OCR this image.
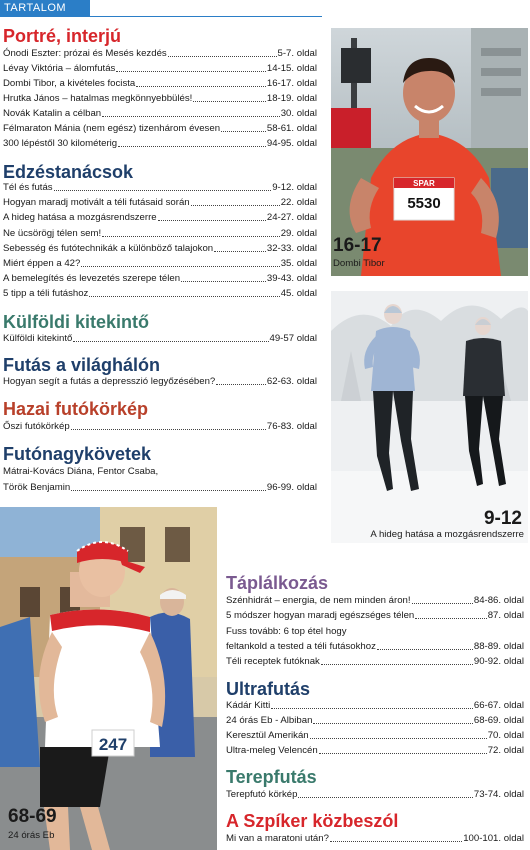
TARTALOM
Portré, interjú
Edzéstanácsok
Külföldi kitekintő
Futás a világhálón
Hazai futókörkép
Futónagykövetek
Mátrai-Kovács Diána, Fentor Csaba,
SPAR
5530
16-17
Dombi Tibor
9-12
A hideg hatása a mozgásrendszerre
247
68-69
24 órás Eb
Táplálkozás
Fuss tovább: 6 top étel hogy
Ultrafutás
Terepfutás
A Szpíker közbeszól
Ónodi Eszter: prózai és Mesés kezdés	5-7. oldal
Lévay Viktória – álomfutás	14-15. oldal
Dombi Tibor, a kivételes focista	16-17. oldal
Hrutka János – hatalmas megkönnyebbülés!	18-19. oldal
Novák Katalin a célban	30. oldal
Félmaraton Mánia (nem egész) tizenhárom évesen	58-61. oldal
300 lépéstől 30 kilométerig	94-95. oldal
Tél és futás	9-12. oldal
Hogyan maradj motivált a téli futásaid során	22. oldal
A hideg hatása a mozgásrendszerre	24-27. oldal
Ne ücsörögj télen sem!	29. oldal
Sebesség és futótechnikák a különböző talajokon	32-33. oldal
Miért éppen a 42?	35. oldal
A bemelegítés és levezetés szerepe télen	39-43. oldal
5 tipp a téli futáshoz	45. oldal
Külföldi kitekintő	49-57 oldal
Hogyan segít a futás a depresszió legyőzésében?	62-63. oldal
Őszi futókörkép	76-83. oldal
Török Benjamin	96-99. oldal
Szénhidrát – energia, de nem minden áron!	84-86. oldal
5 módszer hogyan maradj egészséges télen	87. oldal
feltankold a tested a téli futásokhoz	88-89. oldal
Téli receptek futóknak	90-92. oldal
Kádár Kitti	66-67. oldal
24 órás Eb - Albiban	68-69. oldal
Keresztül Amerikán	70. oldal
Ultra-meleg Velencén	72. oldal
Terepfutó körkép	73-74. oldal
Mi van a maratoni után?	100-101. oldal
